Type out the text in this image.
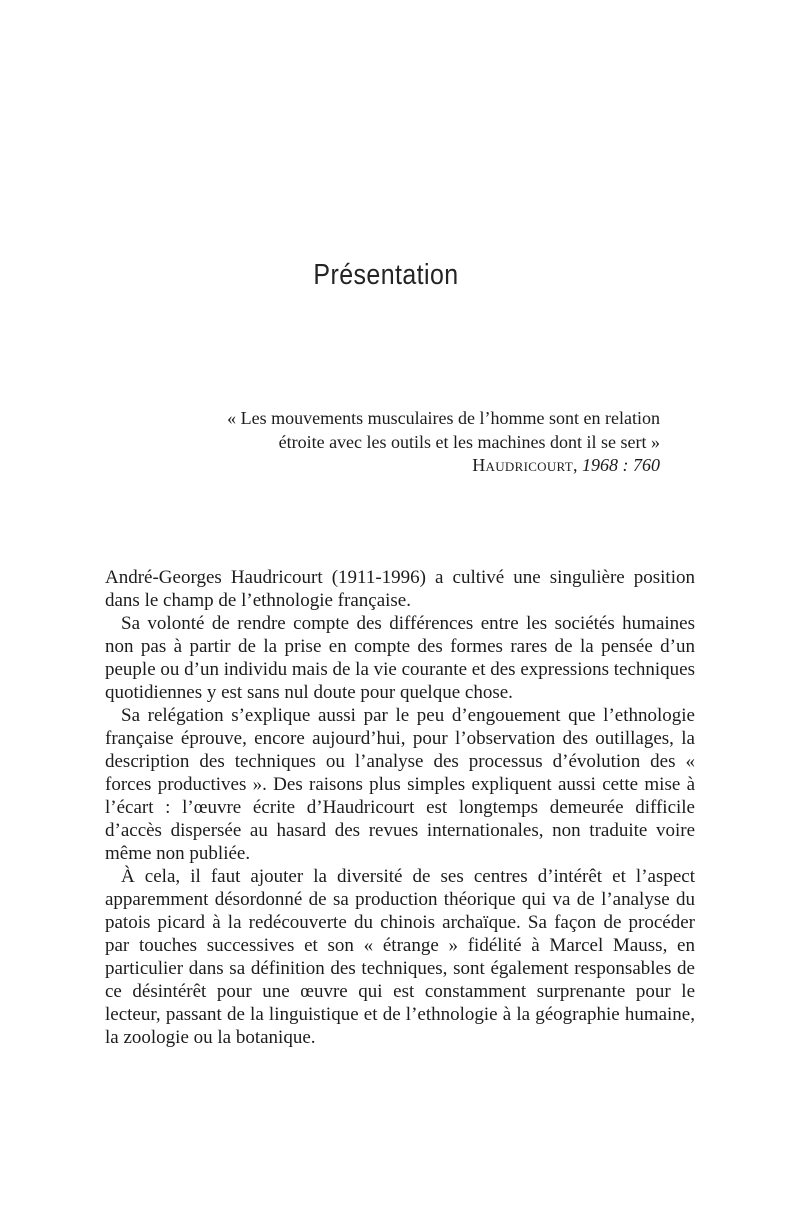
Présentation
« Les mouvements musculaires de l’homme sont en relation
étroite avec les outils et les machines dont il se sert »
Haudricourt, 1968 : 760

André-Georges Haudricourt (1911-1996) a cultivé une singulière position dans le champ de l’ethnologie française.

Sa volonté de rendre compte des différences entre les sociétés humaines non pas à partir de la prise en compte des formes rares de la pensée d’un peuple ou d’un individu mais de la vie courante et des expressions techniques quotidiennes y est sans nul doute pour quelque chose.

Sa relégation s’explique aussi par le peu d’engouement que l’ethnologie française éprouve, encore aujourd’hui, pour l’observation des outillages, la description des techniques ou l’analyse des processus d’évolution des « forces productives ». Des raisons plus simples expliquent aussi cette mise à l’écart : l’œuvre écrite d’Haudricourt est longtemps demeurée difficile d’accès dispersée au hasard des revues internationales, non traduite voire même non publiée.

À cela, il faut ajouter la diversité de ses centres d’intérêt et l’aspect apparemment désordonné de sa production théorique qui va de l’analyse du patois picard à la redécouverte du chinois archaïque. Sa façon de procéder par touches successives et son « étrange » fidélité à Marcel Mauss, en particulier dans sa définition des techniques, sont également responsables de ce désintérêt pour une œuvre qui est constamment surprenante pour le lecteur, passant de la linguistique et de l’ethnologie à la géographie humaine, la zoologie ou la botanique.
